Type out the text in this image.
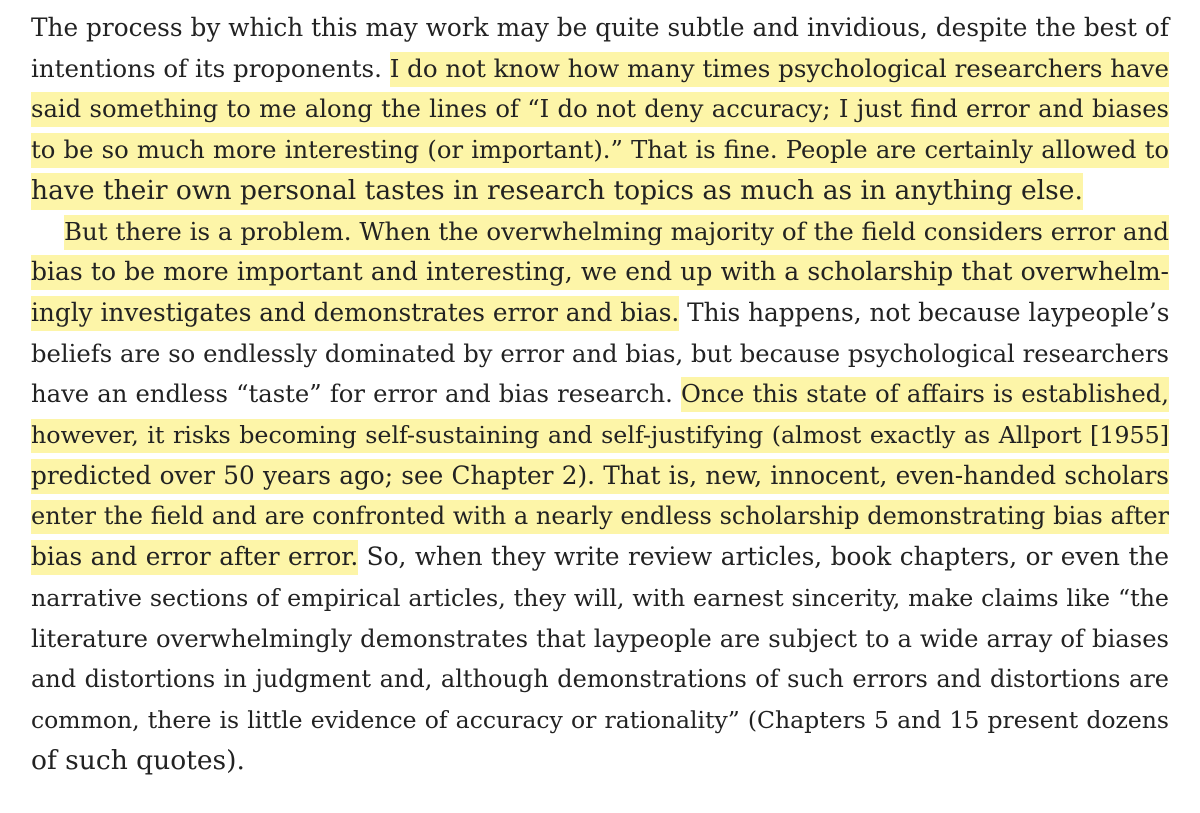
The process by which this may work may be quite subtle and invidious, despite the best of
intentions of its proponents. I do not know how many times psychological researchers have
said something to me along the lines of “I do not deny accuracy; I just find error and biases
to be so much more interesting (or important).” That is fine. People are certainly allowed to
have their own personal tastes in research topics as much as in anything else.
But there is a problem. When the overwhelming majority of the field considers error and
bias to be more important and interesting, we end up with a scholarship that overwhelm-
ingly investigates and demonstrates error and bias. This happens, not because laypeople’s
beliefs are so endlessly dominated by error and bias, but because psychological researchers
have an endless “taste” for error and bias research. Once this state of affairs is established,
however, it risks becoming self-sustaining and self-justifying (almost exactly as Allport [1955]
predicted over 50 years ago; see Chapter 2). That is, new, innocent, even-handed scholars
enter the field and are confronted with a nearly endless scholarship demonstrating bias after
bias and error after error. So, when they write review articles, book chapters, or even the
narrative sections of empirical articles, they will, with earnest sincerity, make claims like “the
literature overwhelmingly demonstrates that laypeople are subject to a wide array of biases
and distortions in judgment and, although demonstrations of such errors and distortions are
common, there is little evidence of accuracy or rationality” (Chapters 5 and 15 present dozens
of such quotes).
